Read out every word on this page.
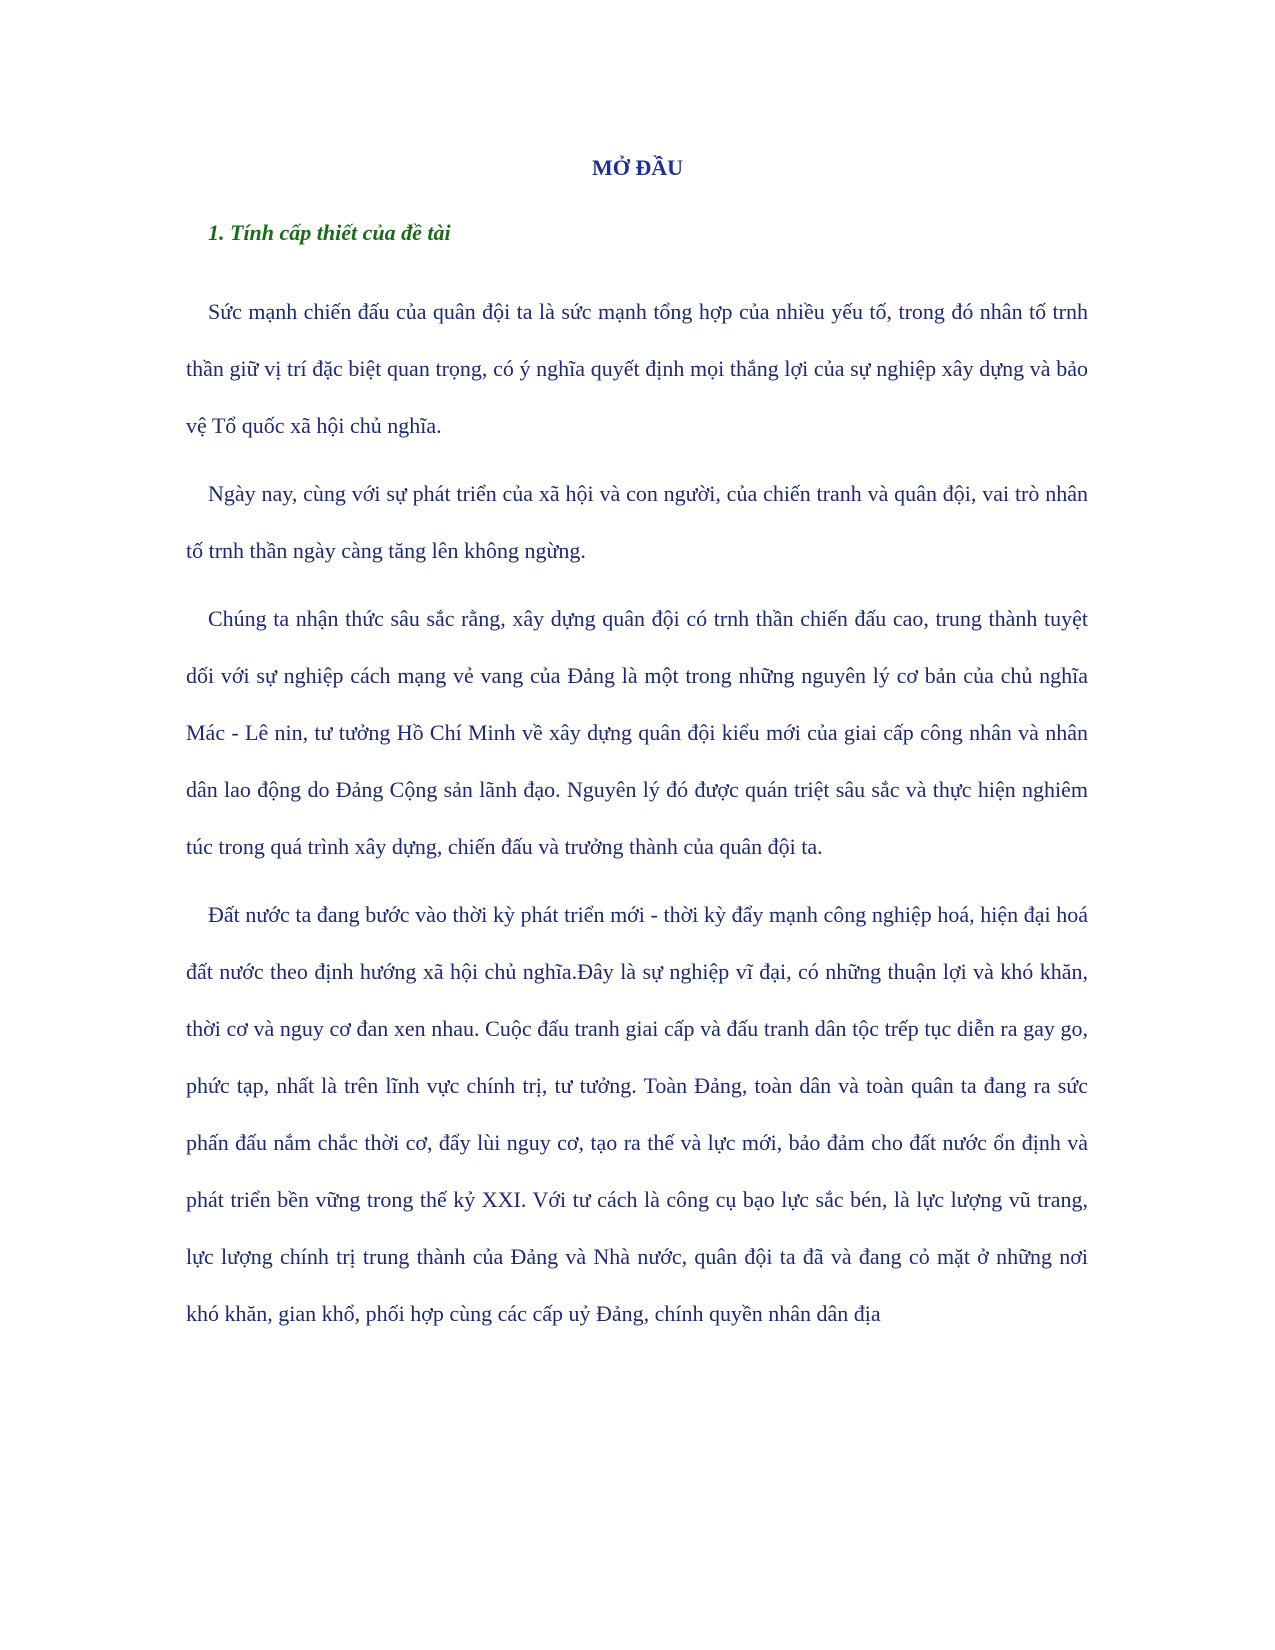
MỞ ĐẦU
1. Tính cấp thiết của đề tài

Sức mạnh chiến đấu của quân đội ta là sức mạnh tổng hợp của nhiều yếu tố, trong đó nhân tố trnh thần giữ vị trí đặc biệt quan trọng, có ý nghĩa quyết định mọi thắng lợi của sự nghiệp xây dựng và bảo vệ Tổ quốc xã hội chủ nghĩa.

Ngày nay, cùng với sự phát triển của xã hội và con người, của chiến tranh và quân đội, vai trò nhân tố trnh thần ngày càng tăng lên không ngừng.

Chúng ta nhận thức sâu sắc rằng, xây dựng quân đội có trnh thần chiến đấu cao, trung thành tuyệt dối với sự nghiệp cách mạng vẻ vang của Đảng là một trong những nguyên lý cơ bản của chủ nghĩa Mác - Lê nin, tư tưởng Hồ Chí Minh về xây dựng quân đội kiểu mới của giai cấp công nhân và nhân dân lao động do Đảng Cộng sản lãnh đạo. Nguyên lý đó được quán triệt sâu sắc và thực hiện nghiêm túc trong quá trình xây dựng, chiến đấu và trưởng thành của quân đội ta.

Đất nước ta đang bước vào thời kỳ phát triển mới - thời kỳ đẩy mạnh công nghiệp hoá, hiện đại hoá đất nước theo định hướng xã hội chủ nghĩa.Đây là sự nghiệp vĩ đại, có những thuận lợi và khó khăn, thời cơ và nguy cơ đan xen nhau. Cuộc đấu tranh giai cấp và đấu tranh dân tộc trếp tục diễn ra gay go, phức tạp, nhất là trên lĩnh vực chính trị, tư tưởng. Toàn Đảng, toàn dân và toàn quân ta đang ra sức phấn đấu nắm chắc thời cơ, đẩy lùi nguy cơ, tạo ra thế và lực mới, bảo đảm cho đất nước ổn định và phát triển bền vững trong thế kỷ XXI. Với tư cách là công cụ bạo lực sắc bén, là lực lượng vũ trang, lực lượng chính trị trung thành của Đảng và Nhà nước, quân đội ta đã và đang cỏ mặt ở những nơi khó khăn, gian khổ, phối hợp cùng các cấp uỷ Đảng, chính quyền nhân dân địa
